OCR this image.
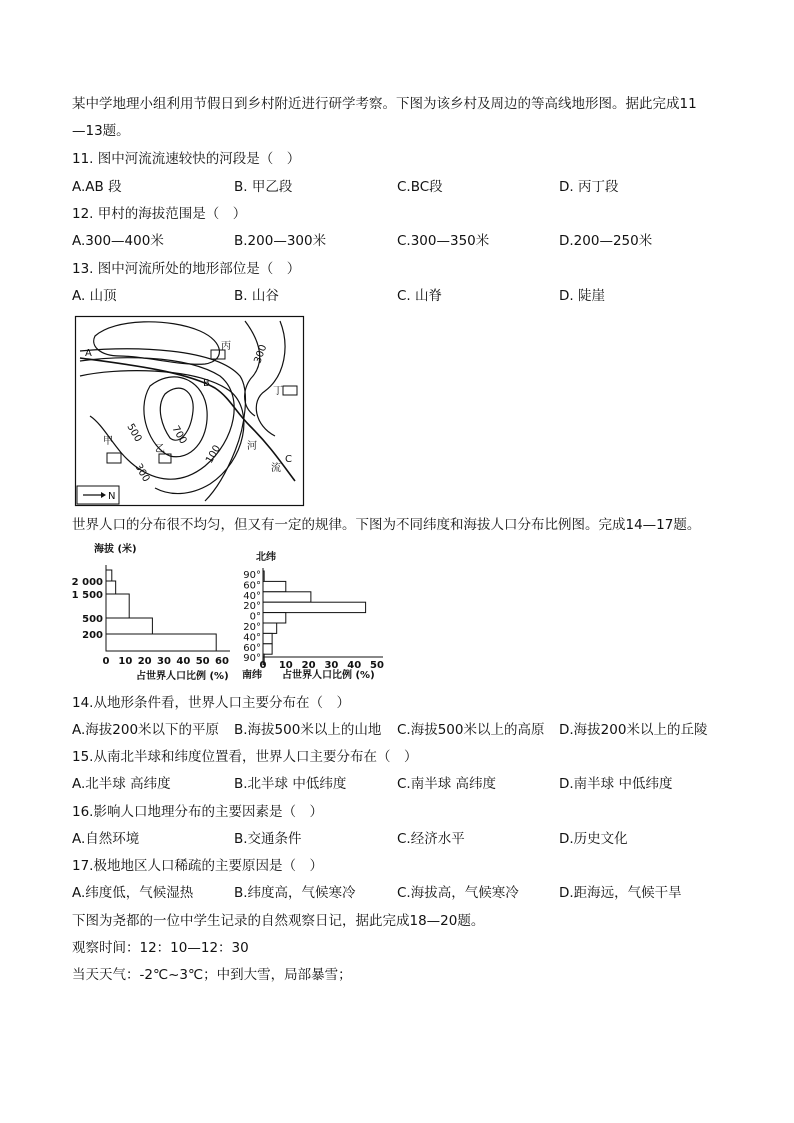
某中学地理小组利用节假日到乡村附近进行研学考察。下图为该乡村及周边的等高线地形图。据此完成11
—13题。
11. 图中河流流速较快的河段是（　）
A.AB 段	B. 甲乙段	C.BC段	D. 丙丁段
12. 甲村的海拔范围是（　）
A.300—400米	B.200—300米	C.300—350米	D.200—250米
13. 图中河流所处的地形部位是（　）
A. 山顶	B. 山谷	C. 山脊	D. 陡崖
A
B
C
甲
乙
丙
丁
河
流
700
500
300
100
300
N
世界人口的分布很不均匀，但又有一定的规律。下图为不同纬度和海拔人口分布比例图。完成14—17题。
海拔 (米)
2 000
1 500
500
200
0 10 20 30 40 50 60
占世界人口比例 (%)
北纬
90°
60°
40°
20°
0°
20°
40°
60°
90°
0 10 20 30 40 50
南纬 占世界人口比例 (%)
14.从地形条件看，世界人口主要分布在（　）
A.海拔200米以下的平原 B.海拔500米以上的山地 C.海拔500米以上的高原 D.海拔200米以上的丘陵
15.从南北半球和纬度位置看，世界人口主要分布在（　）
A.北半球 高纬度	B.北半球 中低纬度	C.南半球 高纬度	D.南半球 中低纬度
16.影响人口地理分布的主要因素是（　）
A.自然环境	B.交通条件	C.经济水平	D.历史文化
17.极地地区人口稀疏的主要原因是（　）
A.纬度低，气候湿热	B.纬度高，气候寒冷	C.海拔高，气候寒冷	D.距海远，气候干旱
下图为尧都的一位中学生记录的自然观察日记，据此完成18—20题。
观察时间：12：10—12：30
当天天气：-2℃~3℃；中到大雪，局部暴雪；
